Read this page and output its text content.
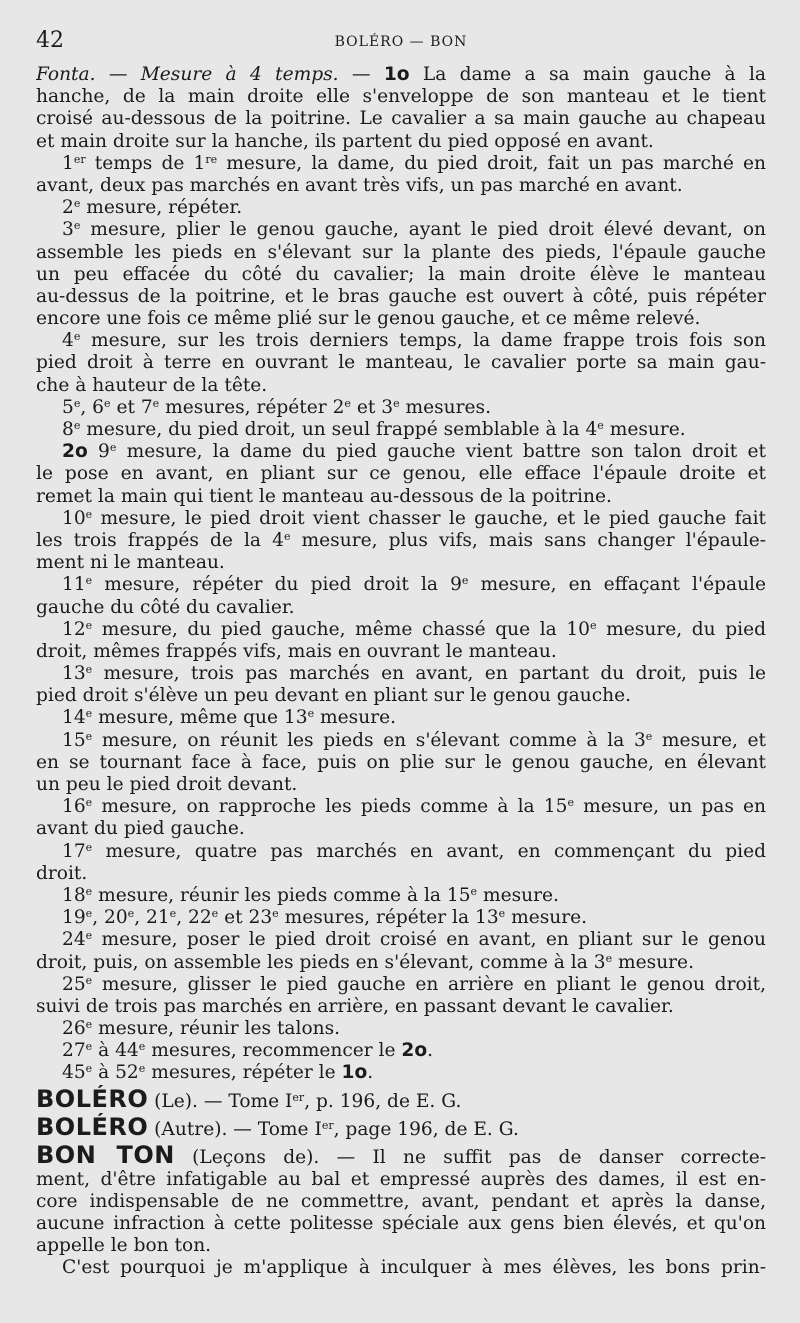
42	BOLÉRO — BON
Fonta. — Mesure à 4 temps. — 1o La dame a sa main gauche à la
hanche, de la main droite elle s'enveloppe de son manteau et le tient
croisé au-dessous de la poitrine. Le cavalier a sa main gauche au chapeau
et main droite sur la hanche, ils partent du pied opposé en avant.
1er temps de 1re mesure, la dame, du pied droit, fait un pas marché en
avant, deux pas marchés en avant très vifs, un pas marché en avant.
2e mesure, répéter.
3e mesure, plier le genou gauche, ayant le pied droit élevé devant, on
assemble les pieds en s'élevant sur la plante des pieds, l'épaule gauche
un peu effacée du côté du cavalier; la main droite élève le manteau
au-dessus de la poitrine, et le bras gauche est ouvert à côté, puis répéter
encore une fois ce même plié sur le genou gauche, et ce même relevé.
4e mesure, sur les trois derniers temps, la dame frappe trois fois son
pied droit à terre en ouvrant le manteau, le cavalier porte sa main gau-
che à hauteur de la tête.
5e, 6e et 7e mesures, répéter 2e et 3e mesures.
8e mesure, du pied droit, un seul frappé semblable à la 4e mesure.
2o 9e mesure, la dame du pied gauche vient battre son talon droit et
le pose en avant, en pliant sur ce genou, elle efface l'épaule droite et
remet la main qui tient le manteau au-dessous de la poitrine.
10e mesure, le pied droit vient chasser le gauche, et le pied gauche fait
les trois frappés de la 4e mesure, plus vifs, mais sans changer l'épaule-
ment ni le manteau.
11e mesure, répéter du pied droit la 9e mesure, en effaçant l'épaule
gauche du côté du cavalier.
12e mesure, du pied gauche, même chassé que la 10e mesure, du pied
droit, mêmes frappés vifs, mais en ouvrant le manteau.
13e mesure, trois pas marchés en avant, en partant du droit, puis le
pied droit s'élève un peu devant en pliant sur le genou gauche.
14e mesure, même que 13e mesure.
15e mesure, on réunit les pieds en s'élevant comme à la 3e mesure, et
en se tournant face à face, puis on plie sur le genou gauche, en élevant
un peu le pied droit devant.
16e mesure, on rapproche les pieds comme à la 15e mesure, un pas en
avant du pied gauche.
17e mesure, quatre pas marchés en avant, en commençant du pied
droit.
18e mesure, réunir les pieds comme à la 15e mesure.
19e, 20e, 21e, 22e et 23e mesures, répéter la 13e mesure.
24e mesure, poser le pied droit croisé en avant, en pliant sur le genou
droit, puis, on assemble les pieds en s'élevant, comme à la 3e mesure.
25e mesure, glisser le pied gauche en arrière en pliant le genou droit,
suivi de trois pas marchés en arrière, en passant devant le cavalier.
26e mesure, réunir les talons.
27e à 44e mesures, recommencer le 2o.
45e à 52e mesures, répéter le 1o.
BOLÉRO (Le). — Tome Ier, p. 196, de E. G.
BOLÉRO (Autre). — Tome Ier, page 196, de E. G.
BON TON (Leçons de). — Il ne suffit pas de danser correcte-
ment, d'être infatigable au bal et empressé auprès des dames, il est en-
core indispensable de ne commettre, avant, pendant et après la danse,
aucune infraction à cette politesse spéciale aux gens bien élevés, et qu'on
appelle le bon ton.
C'est pourquoi je m'applique à inculquer à mes élèves, les bons prin-
